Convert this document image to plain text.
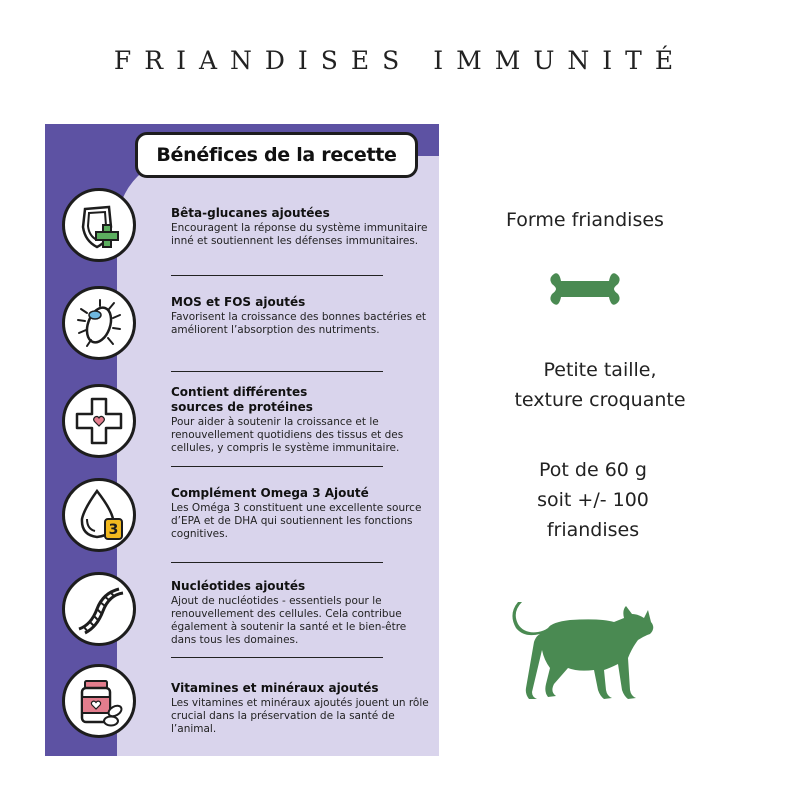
FRIANDISES IMMUNITÉ
Bénéfices de la recette
Bêta-glucanes ajoutées
Encouragent la réponse du système immunitaire inné et soutiennent les défenses immunitaires.
MOS et FOS ajoutés
Favorisent la croissance des bonnes bactéries et améliorent l’absorption des nutriments.
Contient différentes sources de protéines
Pour aider à soutenir la croissance et le renouvellement quotidiens des tissus et des cellules, y compris le système immunitaire.
3
Complément Omega 3 Ajouté
Les Oméga 3 constituent une excellente source d’EPA et de DHA qui soutiennent les fonctions cognitives.
Nucléotides ajoutés
Ajout de nucléotides - essentiels pour le renouvellement des cellules. Cela contribue également à soutenir la santé et le bien-être dans tous les domaines.
Vitamines et minéraux ajoutés
Les vitamines et minéraux ajoutés jouent un rôle crucial dans la préservation de la santé de l’animal.
Forme friandises
Petite taille,
texture croquante
Pot de 60 g
soit +/- 100
friandises
